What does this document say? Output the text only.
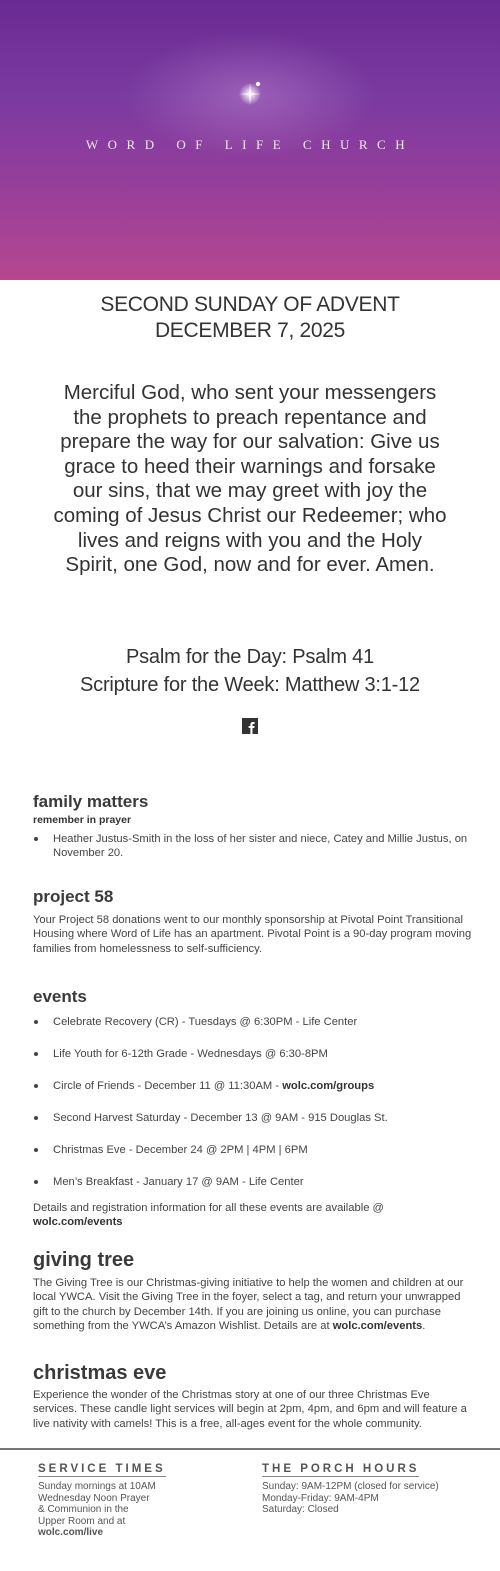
WORD OF LIFE CHURCH
SECOND SUNDAY OF ADVENT
DECEMBER 7, 2025
Merciful God, who sent your messengers the prophets to preach repentance and prepare the way for our salvation: Give us grace to heed their warnings and forsake our sins, that we may greet with joy the coming of Jesus Christ our Redeemer; who lives and reigns with you and the Holy Spirit, one God, now and for ever. Amen.
Psalm for the Day: Psalm 41
Scripture for the Week: Matthew 3:1-12
family matters
remember in prayer
Heather Justus-Smith in the loss of her sister and niece, Catey and Millie Justus, on November 20.
project 58

Your Project 58 donations went to our monthly sponsorship at Pivotal Point Transitional Housing where Word of Life has an apartment. Pivotal Point is a 90-day program moving families from homelessness to self-sufficiency.

events
Celebrate Recovery (CR) - Tuesdays @ 6:30PM - Life Center
Life Youth for 6-12th Grade - Wednesdays @ 6:30-8PM
Circle of Friends - December 11 @ 11:30AM - wolc.com/groups
Second Harvest Saturday - December 13 @ 9AM - 915 Douglas St.
Christmas Eve - December 24 @ 2PM | 4PM | 6PM
Men’s Breakfast - January 17 @ 9AM - Life Center

Details and registration information for all these events are available @ wolc.com/events

giving tree

The Giving Tree is our Christmas-giving initiative to help the women and children at our local YWCA. Visit the Giving Tree in the foyer, select a tag, and return your unwrapped gift to the church by December 14th. If you are joining us online, you can purchase something from the YWCA’s Amazon Wishlist. Details are at wolc.com/events.

christmas eve

Experience the wonder of the Christmas story at one of our three Christmas Eve services. These candle light services will begin at 2pm, 4pm, and 6pm and will feature a live nativity with camels! This is a free, all-ages event for the whole community.

SERVICE TIMES

Sunday mornings at 10AM

Wednesday Noon Prayer

& Communion in the

Upper Room and at

wolc.com/live

THE PORCH HOURS

Sunday: 9AM-12PM (closed for service)

Monday-Friday: 9AM-4PM

Saturday: Closed
